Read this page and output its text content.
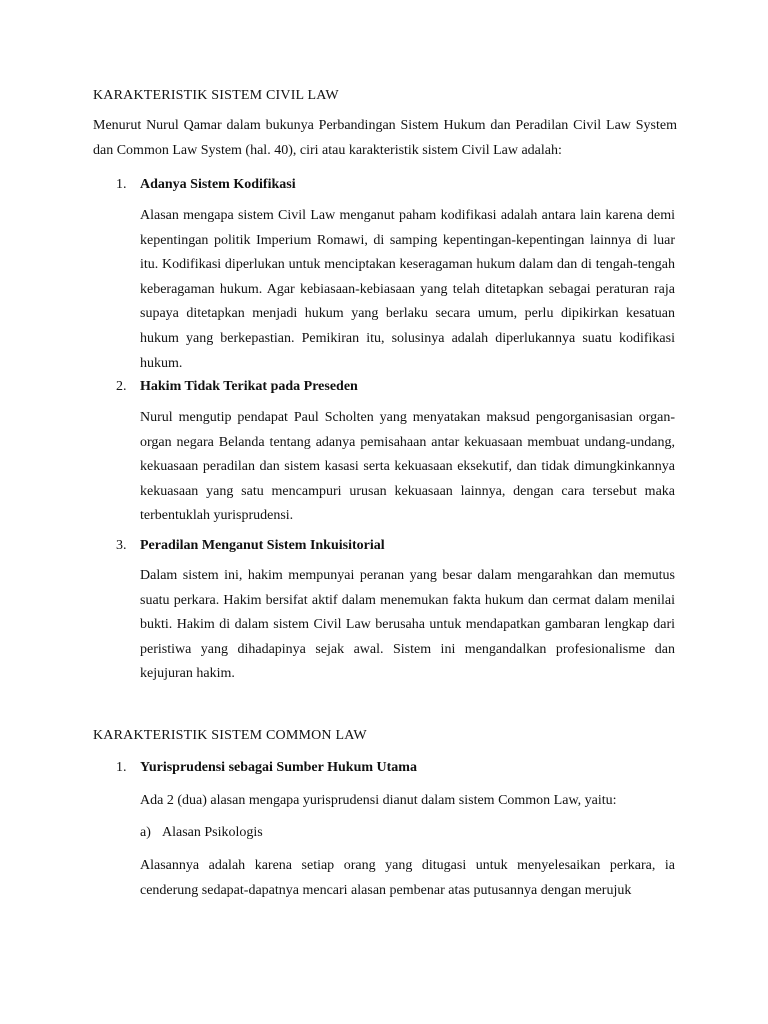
KARAKTERISTIK SISTEM CIVIL LAW
Menurut Nurul Qamar dalam bukunya Perbandingan Sistem Hukum dan Peradilan Civil Law System dan Common Law System (hal. 40), ciri atau karakteristik sistem Civil Law adalah:
1. Adanya Sistem Kodifikasi
Alasan mengapa sistem Civil Law menganut paham kodifikasi adalah antara lain karena demi kepentingan politik Imperium Romawi, di samping kepentingan-kepentingan lainnya di luar itu. Kodifikasi diperlukan untuk menciptakan keseragaman hukum dalam dan di tengah-tengah keberagaman hukum. Agar kebiasaan-kebiasaan yang telah ditetapkan sebagai peraturan raja supaya ditetapkan menjadi hukum yang berlaku secara umum, perlu dipikirkan kesatuan hukum yang berkepastian. Pemikiran itu, solusinya adalah diperlukannya suatu kodifikasi hukum.
2. Hakim Tidak Terikat pada Preseden
Nurul mengutip pendapat Paul Scholten yang menyatakan maksud pengorganisasian organ-organ negara Belanda tentang adanya pemisahaan antar kekuasaan membuat undang-undang, kekuasaan peradilan dan sistem kasasi serta kekuasaan eksekutif, dan tidak dimungkinkannya kekuasaan yang satu mencampuri urusan kekuasaan lainnya, dengan cara tersebut maka terbentuklah yurisprudensi.
3. Peradilan Menganut Sistem Inkuisitorial
Dalam sistem ini, hakim mempunyai peranan yang besar dalam mengarahkan dan memutus suatu perkara. Hakim bersifat aktif dalam menemukan fakta hukum dan cermat dalam menilai bukti. Hakim di dalam sistem Civil Law berusaha untuk mendapatkan gambaran lengkap dari peristiwa yang dihadapinya sejak awal. Sistem ini mengandalkan profesionalisme dan kejujuran hakim.
KARAKTERISTIK SISTEM COMMON LAW
1. Yurisprudensi sebagai Sumber Hukum Utama
Ada 2 (dua) alasan mengapa yurisprudensi dianut dalam sistem Common Law, yaitu:
a) Alasan Psikologis
Alasannya adalah karena setiap orang yang ditugasi untuk menyelesaikan perkara, ia cenderung sedapat-dapatnya mencari alasan pembenar atas putusannya dengan merujuk
